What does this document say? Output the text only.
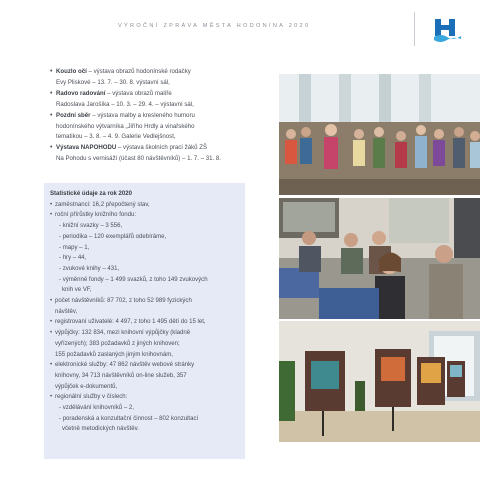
VÝROČNÍ ZPRÁVA MĚSTA HODONÍNA 2020
• Kouzlo očí – výstava obrazů hodonínské rodačky
Evy Pliskové – 13. 7. – 30. 8. výstavní sál,
• Radovo radování – výstava obrazů malíře
Radoslava Jarošíka – 10. 3. – 29. 4. – výstavní sál,
• Pozdní sběr – výstava malby a kresleného humoru
hodonínského výtvarníka „Jiřího Hrdly a vinařského
tematikou – 3. 8. – 4. 9. Galerie Vedlejšnost,
• Výstava NAPOHODU – výstava školních prací žáků ZŠ
Na Pohodu s vernisáží (účast 80 návštěvníků) – 1. 7. – 31. 8.
Statistické údaje za rok 2020
• zaměstnanci: 16,2 přepočtený stav,
• roční přírůstky knižního fondu:
- knižní svazky – 3 556,
- periodika – 120 exemplářů odebíráme,
- mapy – 1,
- hry – 44,
- zvukové knihy – 431,
- výměnné fondy – 1 499 svazků, z toho 149 zvukových
knih ve VF,
• počet návštěvníků: 87 702, z toho 52 989 fyzických
návštěv,
• registrovaní uživatelé: 4 497, z toho 1 495 dětí do 15 let,
• výpůjčky: 132 834, mezi knihovní výpůjčky (kladně
vyřízených); 383 požadavků z jiných knihoven;
155 požadavků zaslaných jiným knihovnám,
• elektronické služby: 47 862 návštěv webové stránky
knihovny, 34 713 návštěvníků on-line služeb, 357
výpůjček e-dokumentů,
• regionální služby v číslech:
- vzdělávání knihovníků – 2,
- poradenská a konzultační činnost – 802 konzultací
včetně metodických návštěv.
